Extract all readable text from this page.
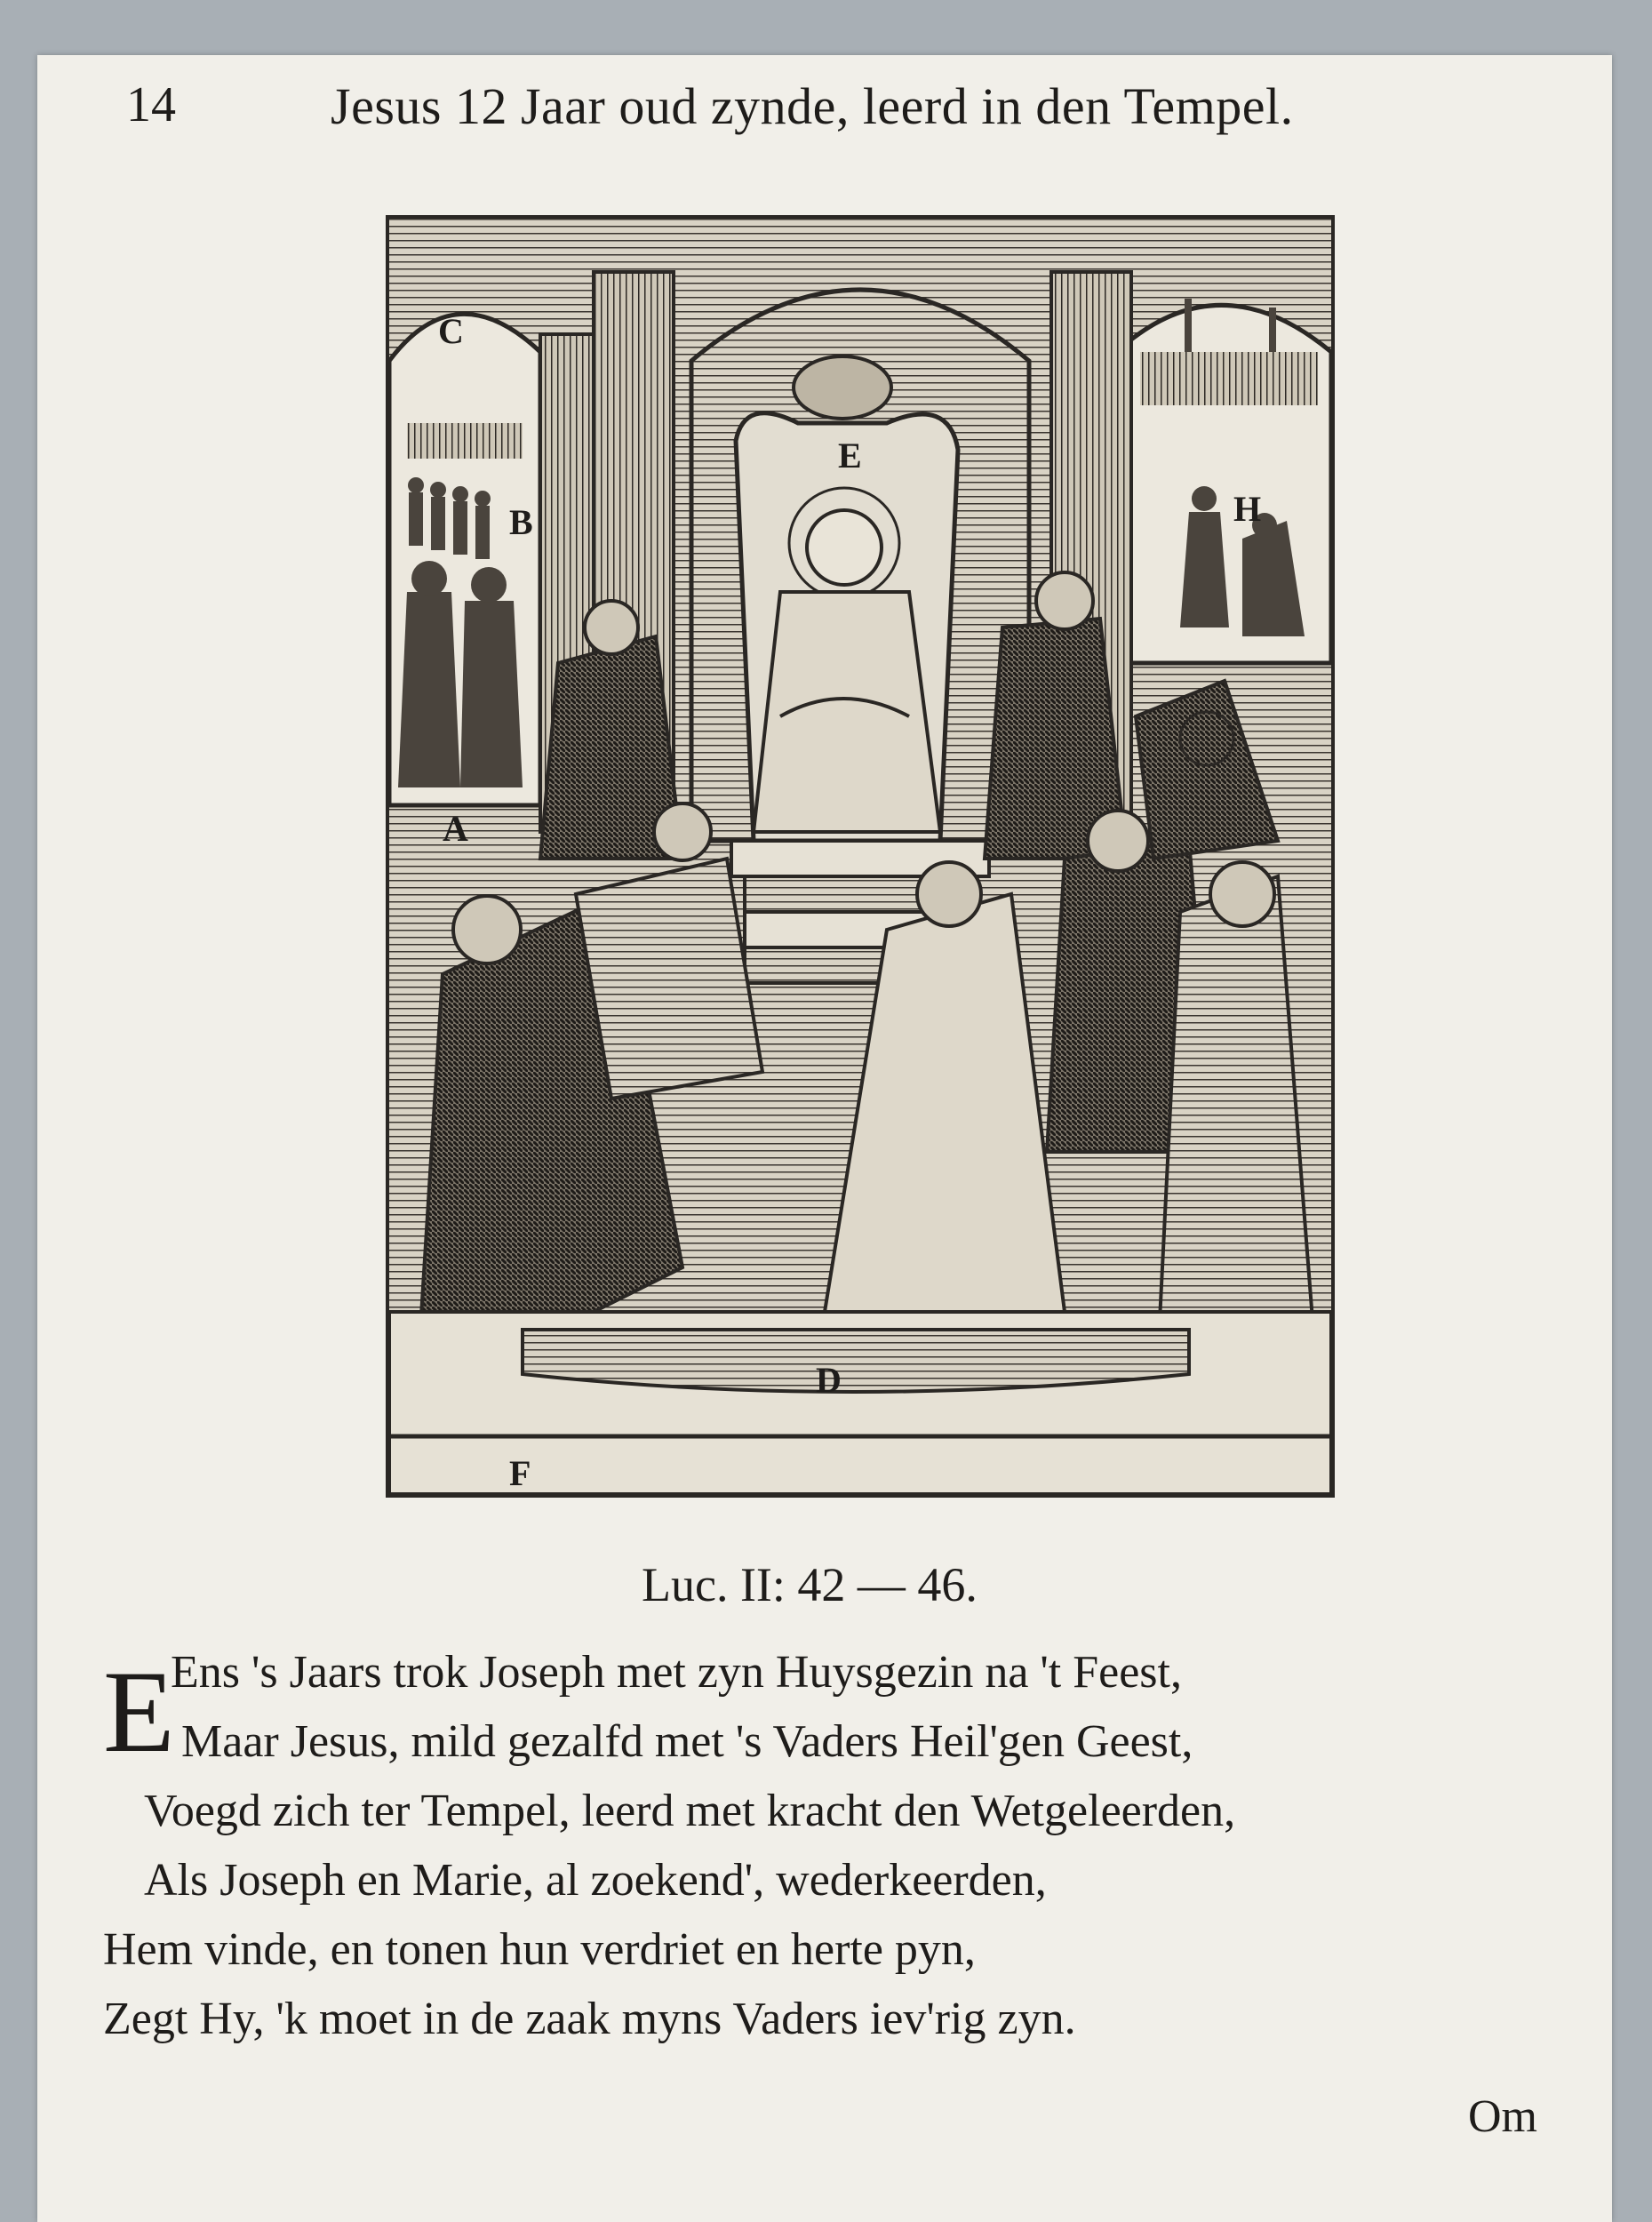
14	Jesus 12 Jaar oud zynde, leerd in den Tempel.
A
B
C
D
E
F
H
Luc. II: 42 — 46.
E
Ens 's Jaars trok Joseph met zyn Huysgezin na 't Feest,
Maar Jesus, mild gezalfd met 's Vaders Heil'gen Geest,
Voegd zich ter Tempel, leerd met kracht den Wetgeleerden,
Als Joseph en Marie, al zoekend', wederkeerden,
Hem vinde, en tonen hun verdriet en herte pyn,
Zegt Hy, 'k moet in de zaak myns Vaders iev'rig zyn.
Om
